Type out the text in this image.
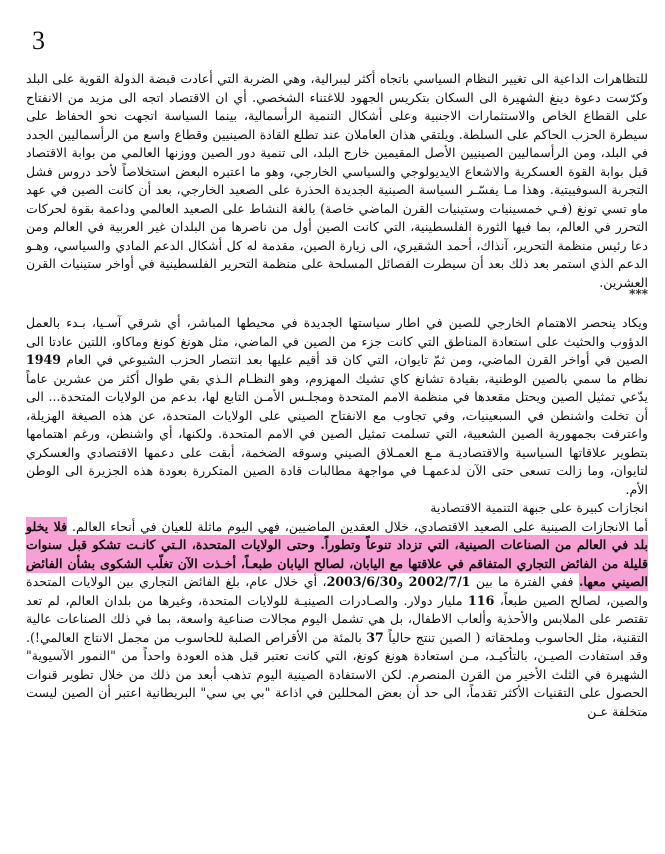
3

للتظاهرات الداعية الى تغيير النظام السياسي باتجاه أكثر ليبرالية، وهي الضربة التي أعادت قبضة الدولة القوية على البلد وكرّست دعوة دينغ الشهيرة الى السكان بتكريس الجهود للاغتناء الشخصي. أي ان الاقتصاد اتجه الى مزيد من الانفتاح على القطاع الخاص والاستثمارات الاجنبية وعلى أشكال التنمية الرأسمالية، بينما السياسة اتجهت نحو الحفاظ على سيطرة الحزب الحاكم على السلطة. ويلتقي هذان العاملان عند تطلع القادة الصينيين وقطاع واسع من الرأسماليين الجدد في البلد، ومن الرأسماليين الصينيين الأصل المقيمين خارج البلد، الى تنمية دور الصين ووزنها العالمي من بوابة الاقتصاد قبل بوابة القوة العسكرية والاشعاع الايديولوجي والسياسي الخارجي، وهو ما اعتبره البعض استخلاصاً لأحد دروس فشل التجربة السوفييتية. وهذا مـا يفسّـر السياسة الصينية الجديدة الحذرة على الصعيد الخارجي، بعد أن كانت الصين في عهد ماو تسي تونغ (فـي خمسينيات وستينيات القرن الماضي خاصة) بالغة النشاط على الصعيد العالمي وداعمة بقوة لحركات التحرر في العالم، بما فيها الثورة الفلسطينية، التي كانت الصين أول من ناصرها من البلدان غير العربية في العالم ومن دعا رئيس منظمة التحرير، آنذاك، أحمد الشقيري، الى زيارة الصين، مقدمة له كل أشكال الدعم المادي والسياسي، وهـو الدعم الذي استمر بعد ذلك بعد أن سيطرت الفصائل المسلحة على منظمة التحرير الفلسطينية في أواخر ستينيات القرن العشرين.

***

ويكاد ينحصر الاهتمام الخارجي للصين في اطار سياستها الجديدة في محيطها المباشر، أي شرقي آسـيا، بـدء بالعمل الدؤوب والحثيث على استعادة المناطق التي كانت جزء من الصين في الماضي، مثل هونغ كونغ وماكاو، اللتين عادتا الى الصين في أواخر القرن الماضي، ومن ثمّ تايوان، التي كان قد أقيم عليها بعد انتصار الحزب الشيوعي في العام 1949 نظام ما سمي بالصين الوطنية، بقيادة تشانغ كاي تشيك المهزوم، وهو النظـام الـذي بقي طوال أكثر من عشرين عاماً يدّعي تمثيل الصين ويحتل مقعدها في منظمة الامم المتحدة ومجلـس الأمـن التابع لها، بدعم من الولايات المتحدة... الى أن تخلت واشنطن في السبعينيات، وفي تجاوب مع الانفتاح الصيني على الولايات المتحدة، عن هذه الصيغة الهزيلة، واعترفت بجمهورية الصين الشعبية، التي تسلمت تمثيل الصين في الامم المتحدة. ولكنها، أي واشنطن، ورغم اهتمامها بتطوير علاقاتها السياسية والاقتصاديـة مـع العمـلاق الصيني وسوقه الضخمة، أبقت على دعمها الاقتصادي والعسكري لتايوان، وما زالت تسعى حتى الآن لدعمهـا في مواجهة مطالبات قادة الصين المتكررة بعودة هذه الجزيرة الى الوطن الأم.

انجازات كبيرة على جبهة التنمية الاقتصادية

أما الانجازات الصينية على الصعيد الاقتصادي، خلال العقدين الماضيين، فهي اليوم ماثلة للعيان في أنحاء العالم. فلا يخلو بلد في العالم من الصناعات الصينية، التي تزداد تنوعاً وتطوراً. وحتى الولايات المتحدة، الـتي كانـت تشكو قبل سنوات قليلة من الفائض التجاري المتفاقم في علاقتها مع اليابان، لصالح اليابان طبعـاً، أخـذت الآن تغلّب الشكوى بشأن الفائض الصيني معها. ففي الفترة ما بين 2002/7/1 و2003/6/30، أي خلال عام، بلغ الفائض التجاري بين الولايات المتحدة والصين، لصالح الصين طبعاً، 116 مليار دولار. والصـادرات الصينيـة للولايات المتحدة، وغيرها من بلدان العالم، لم تعد تقتصر على الملابس والأحذية وألعاب الاطفال، بل هي تشمل اليوم مجالات صناعية واسعة، بما في ذلك الصناعات عالية التقنية، مثل الحاسوب وملحقاته ( الصين تنتج حالياً 37 بالمئة من الأقراص الصلبة للحاسوب من مجمل الانتاج العالمي!). وقد استفادت الصيـن، بالتأكيـد، مـن استعادة هونغ كونغ، التي كانت تعتبر قبل هذه العودة واحداً من "النمور الآسيوية" الشهيرة في الثلث الأخير من القرن المنصرم. لكن الاستفادة الصينية اليوم تذهب أبعد من ذلك من خلال تطوير قنوات الحصول على التقنيات الأكثر تقدماً، الى حد أن بعض المحللين في اذاعة "بي بي سي" البريطانية اعتبر أن الصين ليست متخلفة عـن
